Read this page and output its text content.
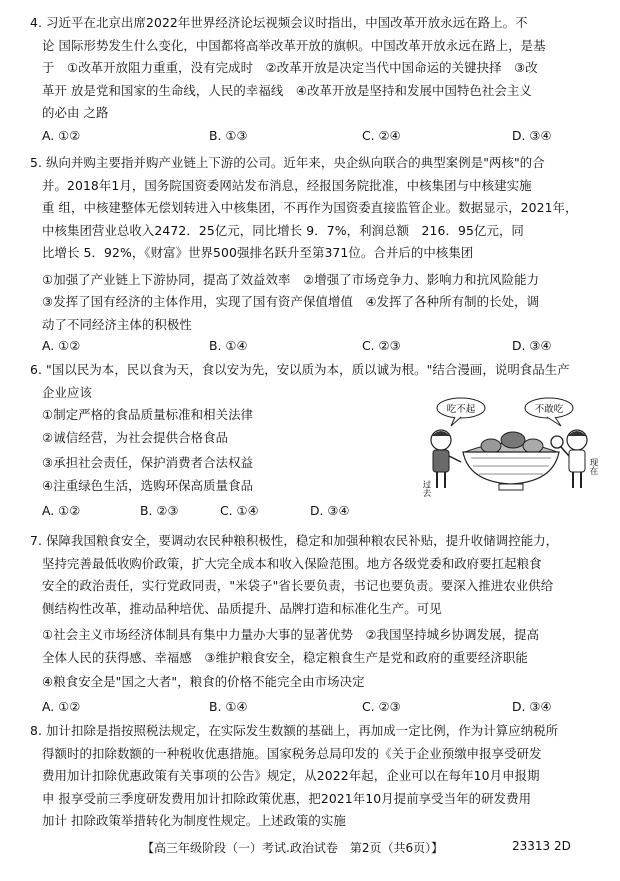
4. 习近平在北京出席2022年世界经济论坛视频会议时指出，中国改革开放永远在路上。不
论 国际形势发生什么变化，中国都将高举改革开放的旗帜。中国改革开放永远在路上，是基
于　①改革开放阻力重重，没有完成时　②改革开放是决定当代中国命运的关键抉择　③改
革开 放是党和国家的生命线，人民的幸福线　④改革开放是坚持和发展中国特色社会主义
的必由 之路
A. ①②	B. ①③	C. ②④	D. ③④
5. 纵向并购主要指并购产业链上下游的公司。近年来，央企纵向联合的典型案例是"两核"的合
并。2018年1月，国务院国资委网站发布消息，经报国务院批准，中核集团与中核建实施
重 组，中核建整体无偿划转进入中核集团，不再作为国资委直接监管企业。数据显示，2021年，
中核集团营业总收入2472．25亿元，同比增长 9．7%，利润总额　216．95亿元，同
比增长 5．92%，《财富》世界500强排名跃升至第371位。合并后的中核集团
①加强了产业链上下游协同，提高了效益效率　②增强了市场竞争力、影响力和抗风险能力
③发挥了国有经济的主体作用，实现了国有资产保值增值　④发挥了各种所有制的长处，调
动了不同经济主体的积极性
A. ①②	B. ①④	C. ②③	D. ③④
6. "国以民为本，民以食为天，食以安为先，安以质为本，质以诚为根。"结合漫画，说明食品生产
企业应该
①制定严格的食品质量标准和相关法律
②诚信经营，为社会提供合格食品
③承担社会责任，保护消费者合法权益
④注重绿色生活，选购环保高质量食品
A. ①②	B. ②③	C. ①④	D. ③④
吃不起	不敢吃
过去
现在
7. 保障我国粮食安全，要调动农民种粮积极性，稳定和加强种粮农民补贴，提升收储调控能力，
坚持完善最低收购价政策，扩大完全成本和收入保险范围。地方各级党委和政府要扛起粮食
安全的政治责任，实行党政同责，"米袋子"省长要负责，书记也要负责。要深入推进农业供给
侧结构性改革，推动品种培优、品质提升、品牌打造和标准化生产。可见
①社会主义市场经济体制具有集中力量办大事的显著优势　②我国坚持城乡协调发展，提高
全体人民的获得感、幸福感　③维护粮食安全，稳定粮食生产是党和政府的重要经济职能
④粮食安全是"国之大者"，粮食的价格不能完全由市场决定
A. ①②	B. ①④	C. ②③	D. ③④
8. 加计扣除是指按照税法规定，在实际发生数额的基础上，再加成一定比例，作为计算应纳税所
得额时的扣除数额的一种税收优惠措施。国家税务总局印发的《关于企业预缴申报享受研发
费用加计扣除优惠政策有关事项的公告》规定，从2022年起，企业可以在每年10月申报期
申 报享受前三季度研发费用加计扣除政策优惠，把2021年10月提前享受当年的研发费用
加计 扣除政策举措转化为制度性规定。上述政策的实施
【高三年级阶段（一）考试.政治试卷　第2页（共6页）】	23313 2D
